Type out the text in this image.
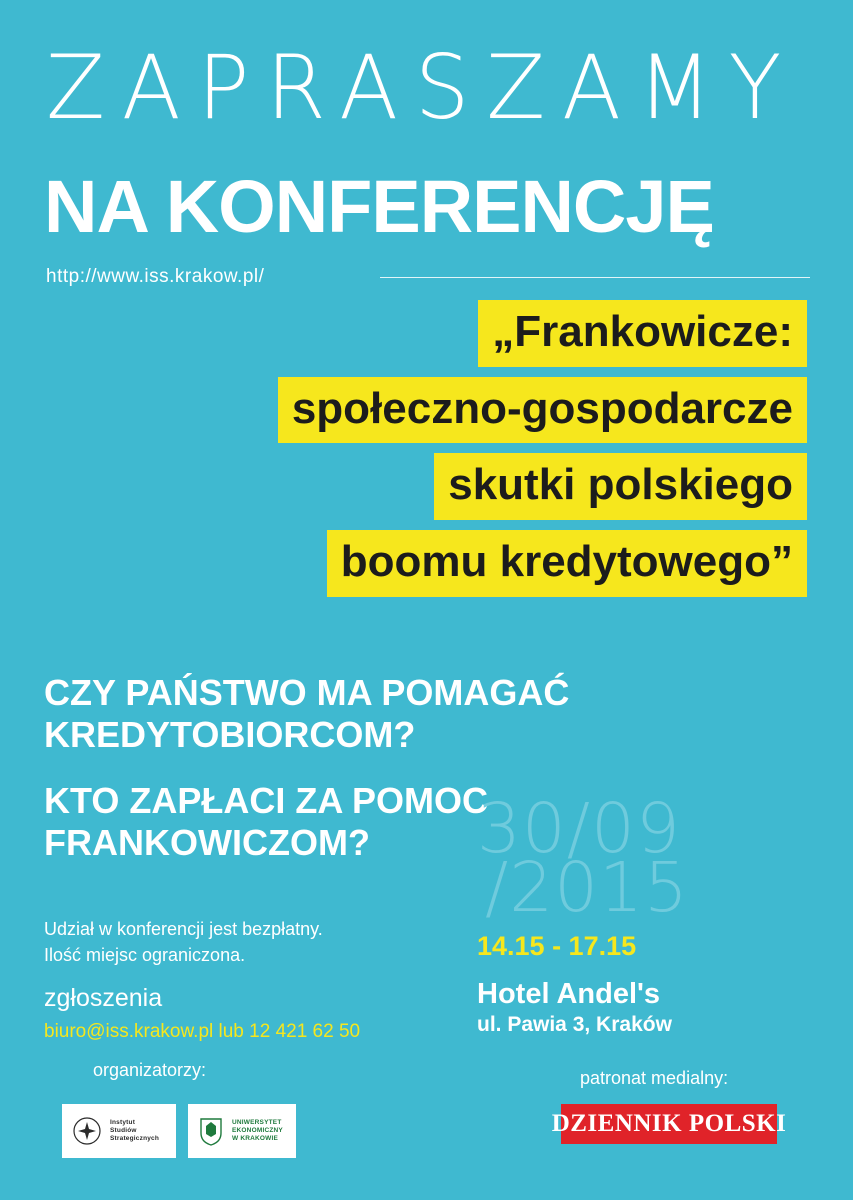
ZAPRASZAMY
NA KONFERENCJĘ
http://www.iss.krakow.pl/
„Frankowicze:
społeczno-gospodarcze
skutki polskiego
boomu kredytowego”
CZY PAŃSTWO MA POMAGAĆ KREDYTOBIORCOM?
KTO ZAPŁACI ZA POMOC FRANKOWICZOM?
Udział w konferencji jest bezpłatny.
Ilość miejsc ograniczona.
zgłoszenia
biuro@iss.krakow.pl lub 12 421 62 50
30/09
/2015
14.15 - 17.15
Hotel Andel's
ul. Pawia 3, Kraków
organizatorzy:
Instytut
Studiów
Strategicznych
UNIWERSYTET
EKONOMICZNY
W KRAKOWIE
patronat medialny:
DZIENNIK POLSKI
